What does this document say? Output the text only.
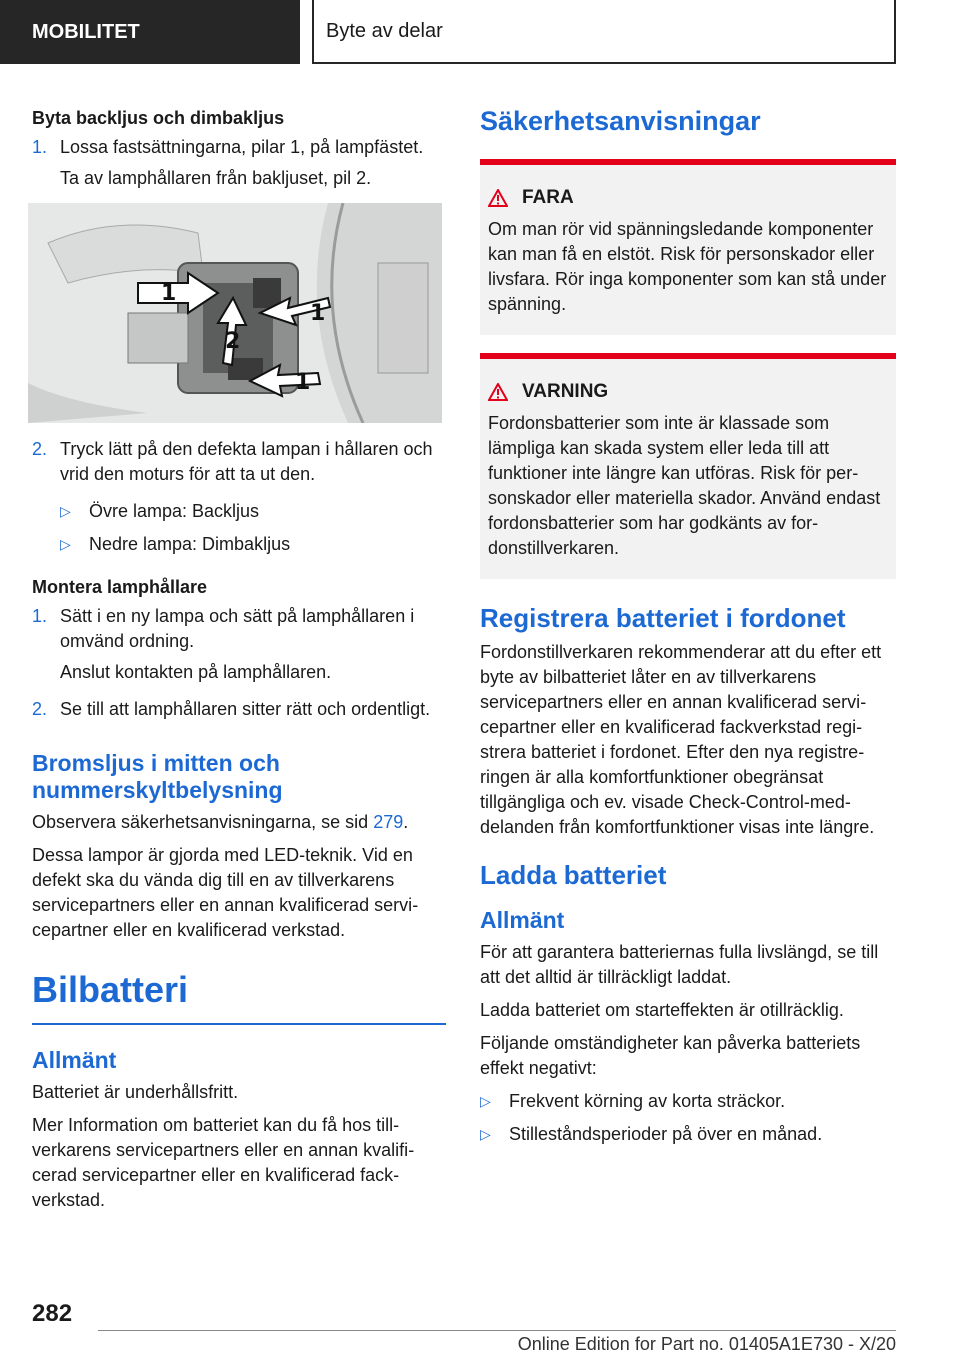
MOBILITET	Byte av delar
Byta backljus och dimbakljus
1. Lossa fastsättningarna, pilar 1, på lampfästet.

Ta av lamphållaren från bakljuset, pil 2.

1
1
2
1
2. Tryck lätt på den defekta lampan i hållaren och vrid den moturs för att ta ut den.

▷	Övre lampa: Backljus
▷	Nedre lampa: Dimbakljus
Montera lamphållare
1. Sätt i en ny lampa och sätt på lamphållaren i omvänd ordning.

Anslut kontakten på lamphållaren.

2. Se till att lamphållaren sitter rätt och ordentligt.

Bromsljus i mitten och nummerskyltbelysning

Observera säkerhetsanvisningarna, se sid 279.

Dessa lampor är gjorda med LED-teknik. Vid en defekt ska du vända dig till en av tillverkarens servicepartners eller en annan kvalificerad servicepartner eller en kvalificerad verkstad.

Bilbatteri
Allmänt

Batteriet är underhållsfritt.

Mer Information om batteriet kan du få hos tillverkarens servicepartners eller en annan kvalificerad servicepartner eller en kvalificerad fackverkstad.

Säkerhetsanvisningar
FARA

Om man rör vid spänningsledande komponenter kan man få en elstöt. Risk för personskador eller livsfara. Rör inga komponenter som kan stå under spänning.

VARNING

Fordonsbatterier som inte är klassade som lämpliga kan skada system eller leda till att funktioner inte längre kan utföras. Risk för personskador eller materiella skador. Använd endast fordonsbatterier som har godkänts av fordonstillverkaren.

Registrera batteriet i fordonet

Fordonstillverkaren rekommenderar att du efter ett byte av bilbatteriet låter en av tillverkarens servicepartners eller en annan kvalificerad servicepartner eller en kvalificerad fackverkstad registrera batteriet i fordonet. Efter den nya registreringen är alla komfortfunktioner obegränsat tillgängliga och ev. visade Check-Control-meddelanden från komfortfunktioner visas inte längre.

Ladda batteriet
Allmänt

För att garantera batteriernas fulla livslängd, se till att det alltid är tillräckligt laddat.

Ladda batteriet om starteffekten är otillräcklig.

Följande omständigheter kan påverka batteriets effekt negativt:

▷	Frekvent körning av korta sträckor.
▷	Stilleståndsperioder på över en månad.
282
Online Edition for Part no. 01405A1E730 - X/20
